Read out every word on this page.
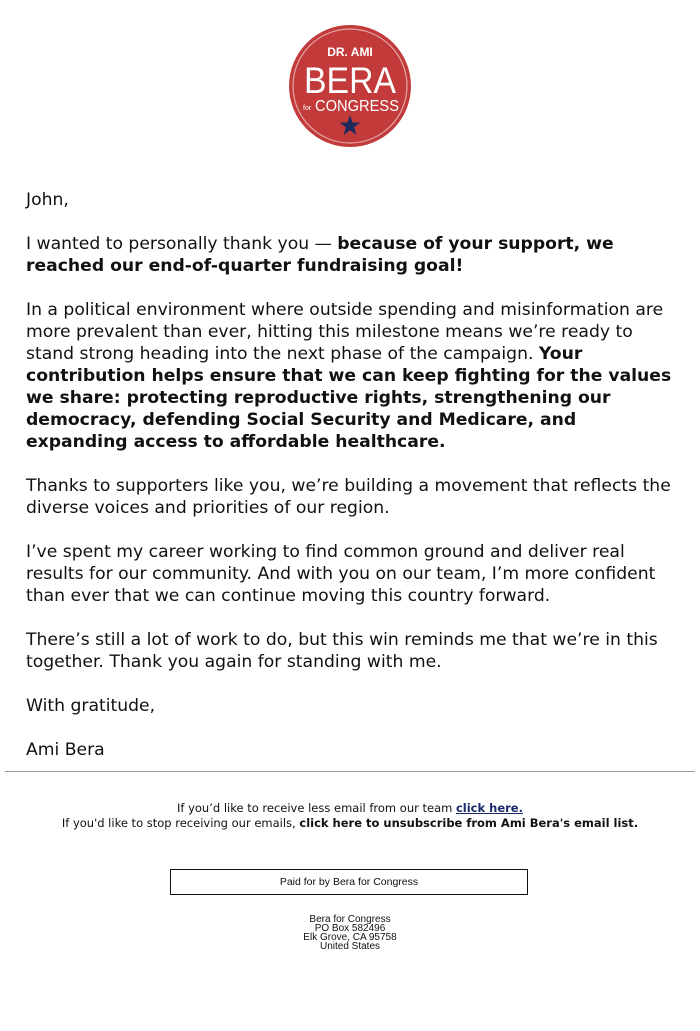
DR. AMI
BERA
for CONGRESS

John,

I wanted to personally thank you — because of your support, we reached our end-of-quarter fundraising goal!

In a political environment where outside spending and misinformation are more prevalent than ever, hitting this milestone means we’re ready to stand strong heading into the next phase of the campaign. Your contribution helps ensure that we can keep fighting for the values we share: protecting reproductive rights, strengthening our democracy, defending Social Security and Medicare, and expanding access to affordable healthcare.

Thanks to supporters like you, we’re building a movement that reflects the diverse voices and priorities of our region.

I’ve spent my career working to find common ground and deliver real results for our community. And with you on our team, I’m more confident than ever that we can continue moving this country forward.

There’s still a lot of work to do, but this win reminds me that we’re in this together. Thank you again for standing with me.

With gratitude,

Ami Bera

If you’d like to receive less email from our team click here.
If you'd like to stop receiving our emails, click here to unsubscribe from Ami Bera's email list.
Paid for by Bera for Congress
Bera for Congress
PO Box 582496
Elk Grove, CA 95758
United States
